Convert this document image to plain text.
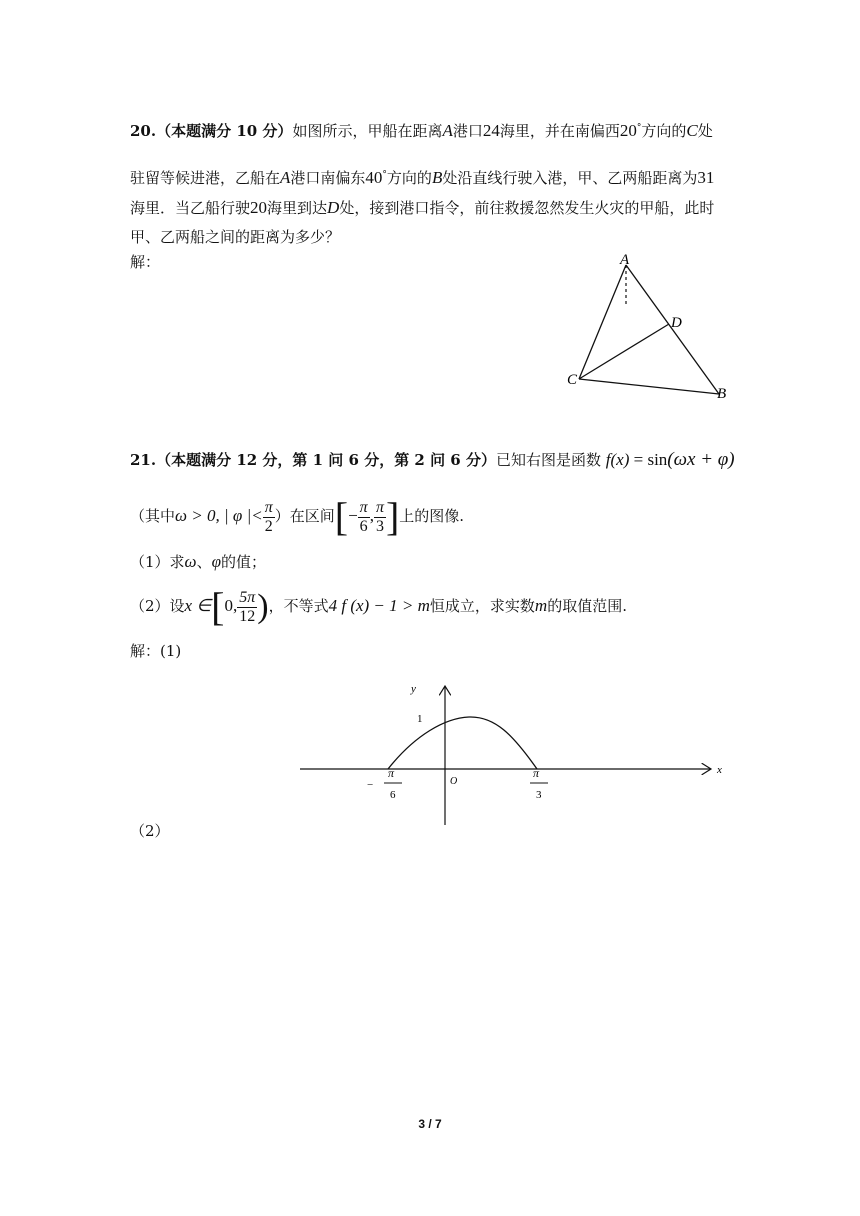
20.（本题满分 10 分）如图所示，甲船在距离A港口24海里，并在南偏西20°方向的C处
驻留等候进港，乙船在A港口南偏东40°方向的B处沿直线行驶入港，甲、乙两船距离为31
海里．当乙船行驶20海里到达D处，接到港口指令，前往救援忽然发生火灾的甲船，此时
甲、乙两船之间的距离为多少？
解：	A
D
C
B
21.（本题满分 12 分，第 1 问 6 分，第 2 问 6 分）已知右图是函数 f(x) = sin(ωx + φ)
（其中ω > 0, | φ |< $\frac{\pi}{2}$ ）在区间[− $\frac{\pi}{6}$ , $\frac{\pi}{3}$ ]上的图像.
（1）求ω、φ的值；
（2）设x ∈[0, $\frac{5\pi}{12}$ )，不等式4 f (x) − 1 > m恒成立，求实数m的取值范围.
解：(1)
y
x
1
O
−
π
6
π
3
（2）
3 / 7
